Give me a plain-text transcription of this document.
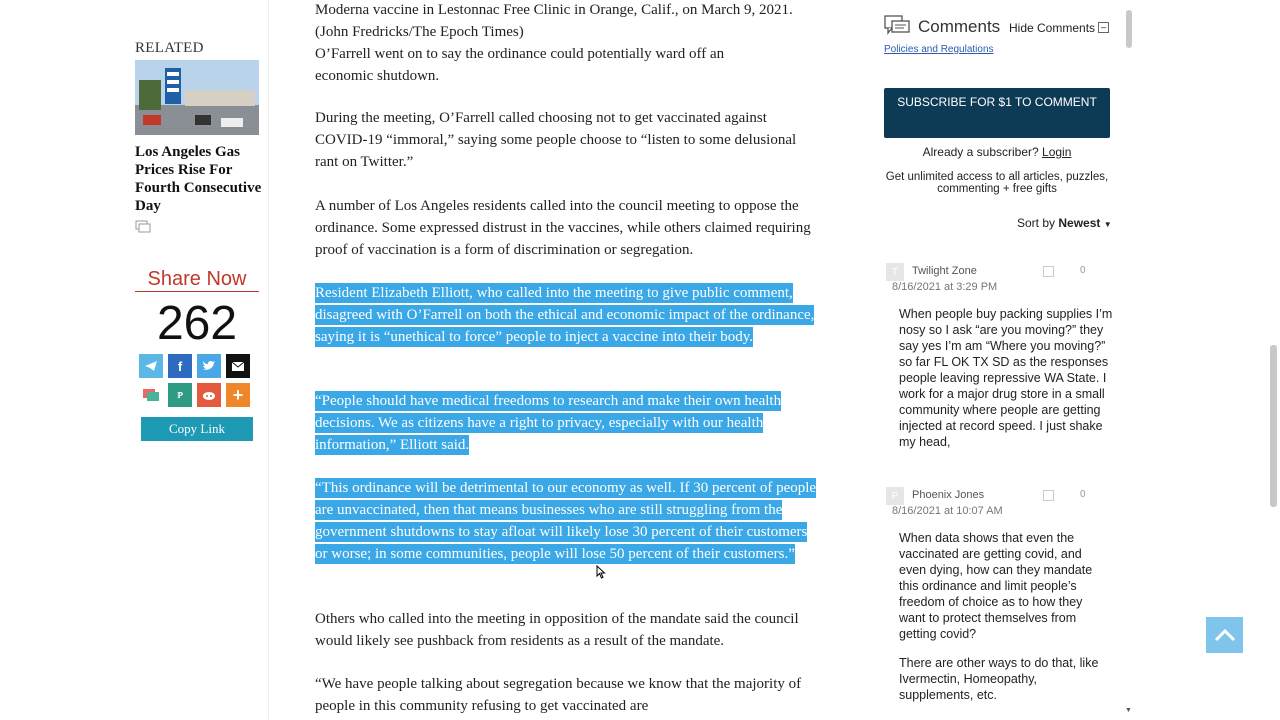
RELATED
Los Angeles Gas Prices Rise For Fourth Consecutive Day
Share Now
262
f
ℙ	+
Copy Link

Moderna vaccine in Lestonnac Free Clinic in Orange, Calif., on March 9, 2021. (John Fredricks/The Epoch Times)

O’Farrell went on to say the ordinance could potentially ward off an economic shutdown.

During the meeting, O’Farrell called choosing not to get vaccinated against COVID-19 “immoral,” saying some people choose to “listen to some delusional rant on Twitter.”

A number of Los Angeles residents called into the council meeting to oppose the ordinance. Some expressed distrust in the vaccines, while others claimed requiring proof of vaccination is a form of discrimination or segregation.

Resident Elizabeth Elliott, who called into the meeting to give public comment, disagreed with O’Farrell on both the ethical and economic impact of the ordinance, saying it is “unethical to force” people to inject a vaccine into their body.

“People should have medical freedoms to research and make their own health decisions. We as citizens have a right to privacy, especially with our health information,” Elliott said.

“This ordinance will be detrimental to our economy as well. If 30 percent of people are unvaccinated, then that means businesses who are still struggling from the government shutdowns to stay afloat will likely lose 30 percent of their customers or worse; in some communities, people will lose 50 percent of their customers.”

Others who called into the meeting in opposition of the mandate said the council would likely see pushback from residents as a result of the mandate.

“We have people talking about segregation because we know that the majority of people in this community refusing to get vaccinated are

Comments Hide Comments –
Policies and Regulations
SUBSCRIBE FOR $1 TO COMMENT
Already a subscriber? Login
Get unlimited access to all articles, puzzles, commenting + free gifts
Sort by Newest ▼
T	Twilight Zone	0
8/16/2021 at 3:29 PM
When people buy packing supplies I’m nosy so I ask “are you moving?” they say yes I’m am “Where you moving?” so far FL OK TX SD as the responses people leaving repressive WA State. I work for a major drug store in a small community where people are getting injected at record speed. I just shake my head,
P	Phoenix Jones	0
8/16/2021 at 10:07 AM
When data shows that even the vaccinated are getting covid, and even dying, how can they mandate this ordinance and limit people’s freedom of choice as to how they want to protect themselves from getting covid?
There are other ways to do that, like Ivermectin, Homeopathy, supplements, etc.
▼
